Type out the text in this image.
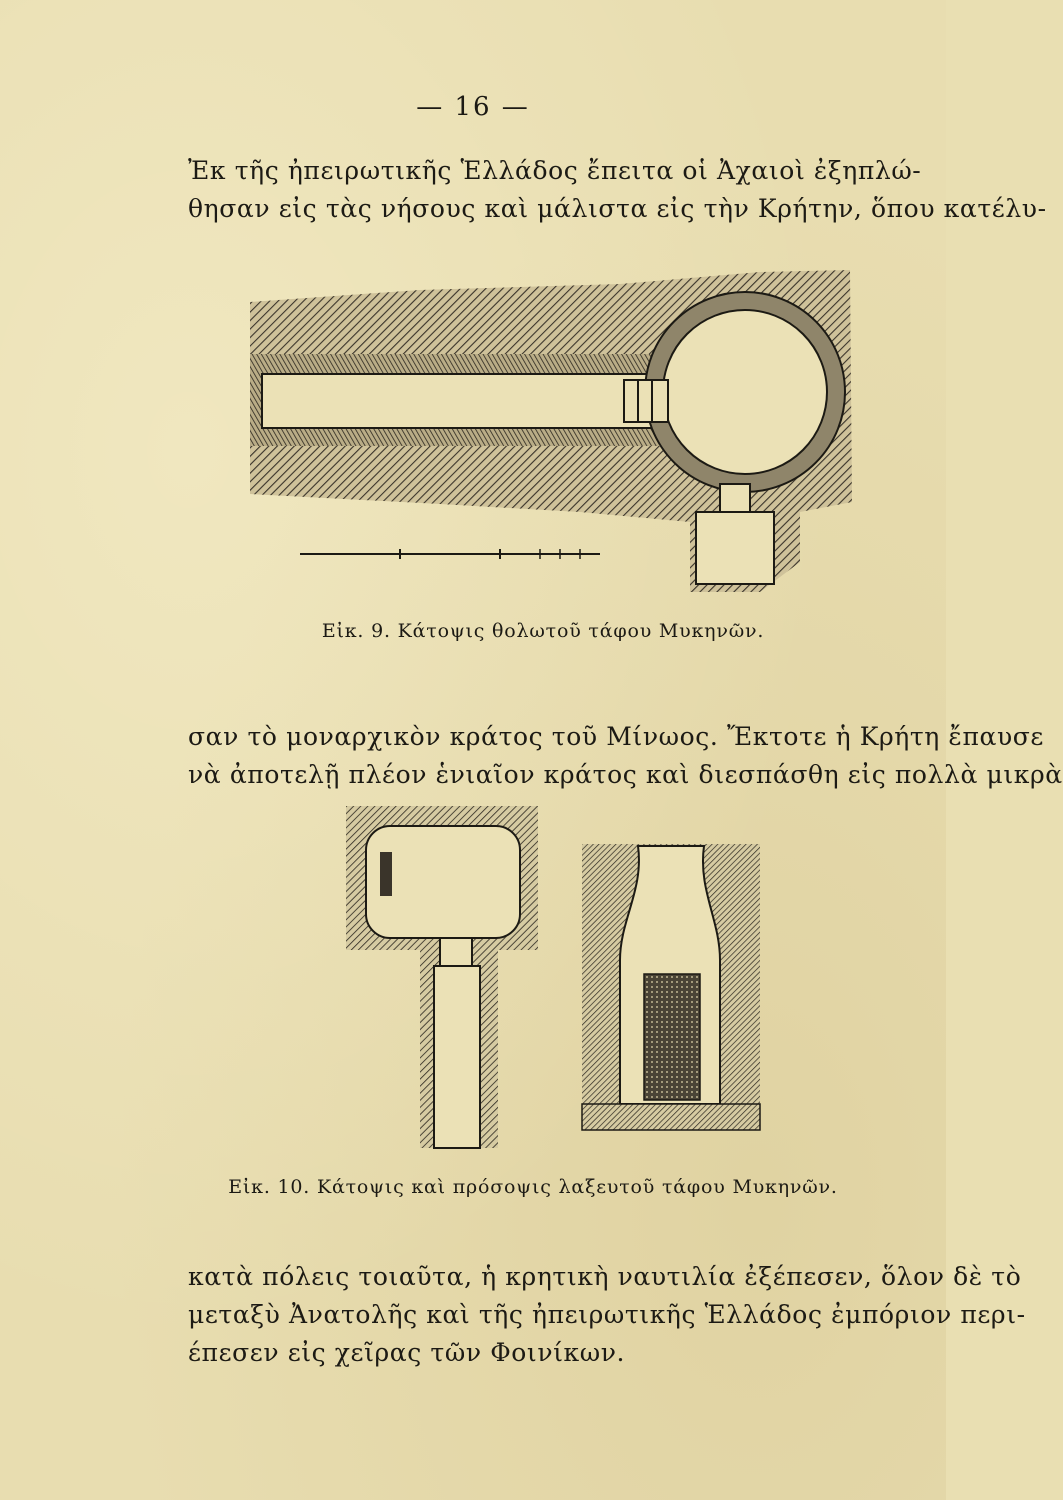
— 16 —
Ἐκ τῆς ἠπειρωτικῆς Ἑλλάδος ἔπειτα οἱ Ἀχαιοὶ ἐξηπλώ-
θησαν εἰς τὰς νήσους καὶ μάλιστα εἰς τὴν Κρήτην, ὅπου κατέλυ-
Εἰκ. 9. Κάτοψις θολωτοῦ τάφου Μυκηνῶν.
σαν τὸ μοναρχικὸν κράτος τοῦ Μίνωος. Ἔκτοτε ἡ Κρήτη ἔπαυσε
νὰ ἀποτελῇ πλέον ἑνιαῖον κράτος καὶ διεσπάσθη εἰς πολλὰ μικρὰ
Εἰκ. 10. Κάτοψις καὶ πρόσοψις λαξευτοῦ τάφου Μυκηνῶν.
κατὰ πόλεις τοιαῦτα, ἡ κρητικὴ ναυτιλία ἐξέπεσεν, ὅλον δὲ τὸ
μεταξὺ Ἀνατολῆς καὶ τῆς ἠπειρωτικῆς Ἑλλάδος ἐμπόριον περι-
έπεσεν εἰς χεῖρας τῶν Φοινίκων.
